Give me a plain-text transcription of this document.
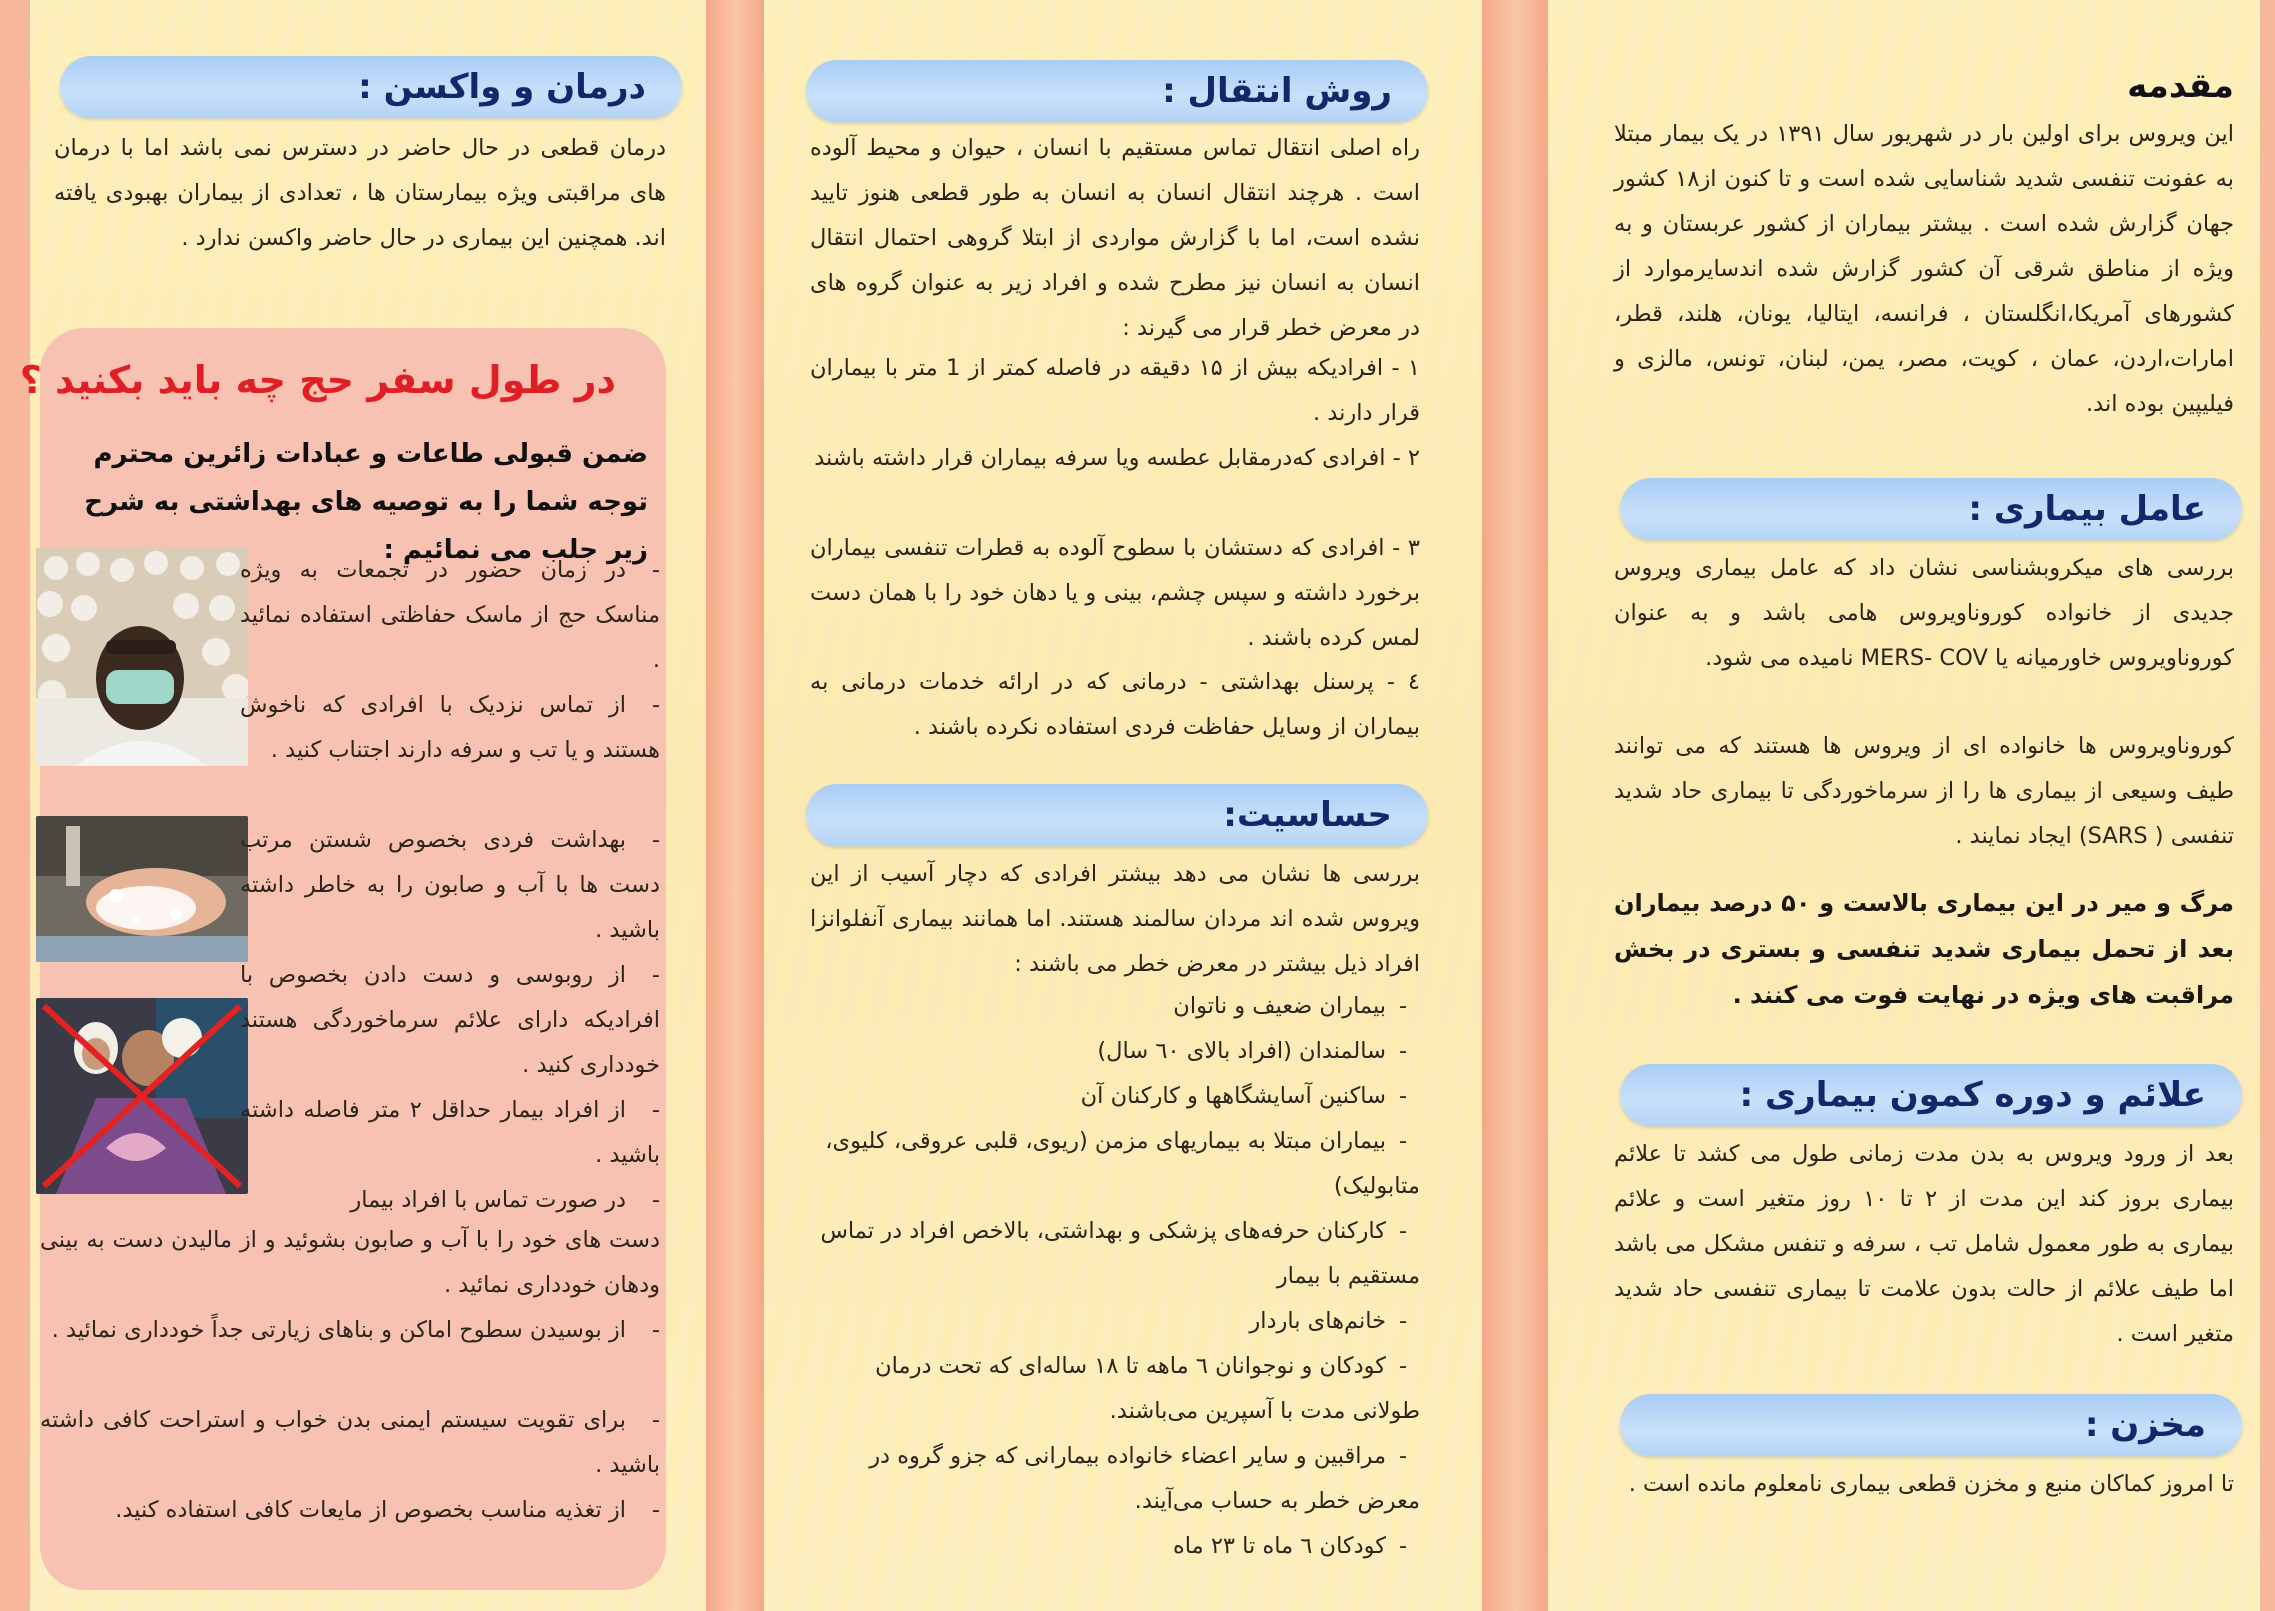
مقدمه
این ویروس برای اولین بار در شهریور سال ۱۳۹۱ در یک بیمار مبتلا به عفونت تنفسی شدید شناسایی شده است و تا کنون از۱۸ کشور جهان گزارش شده است . بیشتر بیماران از کشور عربستان و به ویژه از مناطق شرقی آن کشور گزارش شده اندسایرموارد از کشورهای آمریکا،انگلستان ، فرانسه، ایتالیا، یونان، هلند، قطر، امارات،اردن، عمان ، کویت، مصر، یمن، لبنان، تونس، مالزی و فیلیپین بوده اند.
عامل بیماری :
بررسی های میکروبشناسی نشان داد که عامل بیماری ویروس جدیدی از خانواده کوروناویروس هامی باشد و به عنوان کوروناویروس خاورمیانه یا MERS- COV نامیده می شود.
کوروناویروس ها خانواده ای از ویروس ها هستند که می توانند طیف وسیعی از بیماری ها را از سرماخوردگی تا بیماری حاد شدید تنفسی ( SARS) ایجاد نمایند .
مرگ و میر در این بیماری بالاست و ۵۰ درصد بیماران بعد از تحمل بیماری شدید تنفسی و بستری در بخش مراقبت های ویژه در نهایت فوت می کنند .
علائم و دوره کمون بیماری :
بعد از ورود ویروس به بدن مدت زمانی طول می کشد تا علائم بیماری بروز کند این مدت از ۲ تا ۱۰ روز متغیر است و علائم بیماری به طور معمول شامل تب ، سرفه و تنفس مشکل می باشد اما طیف علائم از حالت بدون علامت تا بیماری تنفسی حاد شدید متغیر است .
مخزن :
تا امروز کماکان منبع و مخزن قطعی بیماری نامعلوم مانده است .
روش انتقال :
راه اصلی انتقال تماس مستقیم با انسان ، حیوان و محیط آلوده است . هرچند انتقال انسان به انسان به طور قطعی هنوز تایید نشده است، اما با گزارش مواردی از ابتلا گروهی احتمال انتقال انسان به انسان نیز مطرح شده و افراد زیر به عنوان گروه های در معرض خطر قرار می گیرند :
۱ - افرادیکه بیش از ۱۵ دقیقه در فاصله کمتر از 1 متر با بیماران قرار دارند .
۲ - افرادی که‌درمقابل عطسه ویا سرفه بیماران قرار داشته باشند
۳ - افرادی که دستشان با سطوح آلوده به قطرات تنفسی بیماران برخورد داشته و سپس چشم، بینی و یا دهان خود را با همان دست لمس کرده باشند .
٤ - پرسنل بهداشتی - درمانی که در ارائه خدمات درمانی به بیماران از وسایل حفاظت فردی استفاده نکرده باشند .
حساسیت:
بررسی ها نشان می دهد بیشتر افرادی که دچار آسیب از این ویروس شده اند مردان سالمند هستند. اما همانند بیماری آنفلوانزا افراد ذیل بیشتر در معرض خطر می باشند :
-بیماران ضعیف و ناتوان
-سالمندان (افراد بالای ٦۰ سال)
-ساکنین آسایشگاهها و کارکنان آن
-بیماران مبتلا به بیماریهای مزمن (ریوی، قلبی عروقی، کلیوی، متابولیک)
-کارکنان حرفه‌های پزشکی و بهداشتی، بالاخص افراد در تماس مستقیم با بیمار
-خانم‌های باردار
-کودکان و نوجوانان ٦ ماهه تا ۱۸ ساله‌ای که تحت درمان طولانی مدت با آسپرین می‌باشند.
-مراقبین و سایر اعضاء خانواده بیمارانی که جزو گروه در معرض خطر به حساب می‌آیند.
-کودکان ٦ ماه تا ۲۳ ماه
درمان و واکسن :
درمان قطعی در حال حاضر در دسترس نمی باشد اما با درمان های مراقبتی ویژه بیمارستان ها ، تعدادی از بیماران بهبودی یافته اند. همچنین این بیماری در حال حاضر واکسن ندارد .
در طول سفر حج چه باید بکنید ؟
ضمن قبولی طاعات و عبادات زائرین محترم توجه شما را به توصیه های بهداشتی به شرح زیر جلب می نمائیم :
-در زمان حضور در تجمعات به ویژه مناسک حج از ماسک حفاظتی استفاده نمائید .
-از تماس نزدیک با افرادی که ناخوش هستند و یا تب و سرفه دارند اجتناب کنید .
-بهداشت فردی بخصوص شستن مرتب دست ها با آب و صابون را به خاطر داشته باشید .
-از روبوسی و دست دادن بخصوص با افرادیکه دارای علائم سرماخوردگی هستند خودداری کنید .
-از افراد بیمار حداقل ۲ متر فاصله داشته باشید .
-در صورت تماس با افراد بیمار
دست های خود را با آب و صابون بشوئید و از مالیدن دست به بینی ودهان خودداری نمائید .
-از بوسیدن سطوح اماکن و بناهای زیارتی جداً خودداری نمائید .
-برای تقویت سیستم ایمنی بدن خواب و استراحت کافی داشته باشید .
-از تغذیه مناسب بخصوص از مایعات کافی استفاده کنید.
